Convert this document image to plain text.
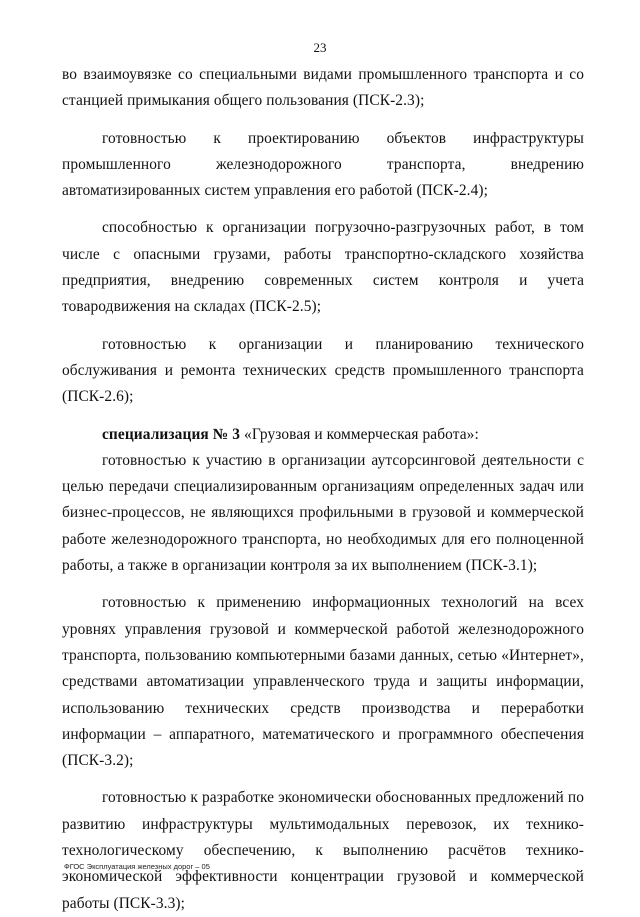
23

во взаимоувязке со специальными видами промышленного транспорта и со станцией примыкания общего пользования (ПСК-2.3);

готовностью к проектированию объектов инфраструктуры промышленного железнодорожного транспорта, внедрению автоматизированных систем управления его работой (ПСК-2.4);

способностью к организации погрузочно-разгрузочных работ, в том числе с опасными грузами, работы транспортно-складского хозяйства предприятия, внедрению современных систем контроля и учета товародвижения на складах (ПСК-2.5);

готовностью к организации и планированию технического обслуживания и ремонта технических средств промышленного транспорта (ПСК-2.6);

специализация № 3 «Грузовая и коммерческая работа»:

готовностью к участию в организации аутсорсинговой деятельности с целью передачи специализированным организациям определенных задач или бизнес-процессов, не являющихся профильными в грузовой и коммерческой работе железнодорожного транспорта, но необходимых для его полноценной работы, а также в организации контроля за их выполнением (ПСК-3.1);

готовностью к применению информационных технологий на всех уровнях управления грузовой и коммерческой работой железнодорожного транспорта, пользованию компьютерными базами данных, сетью «Интернет», средствами автоматизации управленческого труда и защиты информации, использованию технических средств производства и переработки информации – аппаратного, математического и программного обеспечения (ПСК-3.2);

готовностью к разработке экономически обоснованных предложений по развитию инфраструктуры мультимодальных перевозок, их технико-технологическому обеспечению, к выполнению расчётов технико-экономической эффективности концентрации грузовой и коммерческой работы (ПСК-3.3);

ФГОС Эксплуатация железных дорог – 05
